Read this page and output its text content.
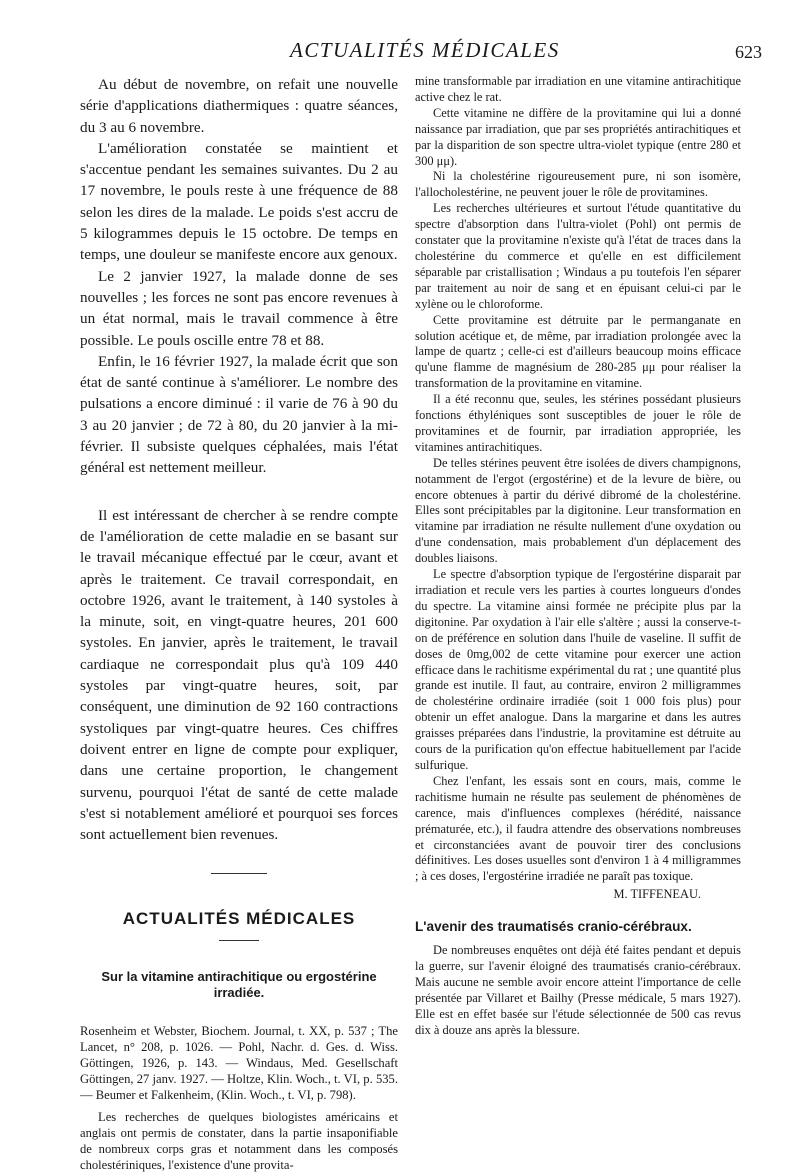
ACTUALITÉS MÉDICALES	623

Au début de novembre, on refait une nouvelle série d'applications diathermiques : quatre séances, du 3 au 6 novembre.

L'amélioration constatée se maintient et s'accentue pendant les semaines suivantes. Du 2 au 17 novembre, le pouls reste à une fréquence de 88 selon les dires de la malade. Le poids s'est accru de 5 kilogrammes depuis le 15 octobre. De temps en temps, une douleur se manifeste encore aux genoux.

Le 2 janvier 1927, la malade donne de ses nouvelles ; les forces ne sont pas encore revenues à un état normal, mais le travail commence à être possible. Le pouls oscille entre 78 et 88.

Enfin, le 16 février 1927, la malade écrit que son état de santé continue à s'améliorer. Le nombre des pulsations a encore diminué : il varie de 76 à 90 du 3 au 20 janvier ; de 72 à 80, du 20 janvier à la mi-février. Il subsiste quelques céphalées, mais l'état général est nettement meilleur.

Il est intéressant de chercher à se rendre compte de l'amélioration de cette maladie en se basant sur le travail mécanique effectué par le cœur, avant et après le traitement. Ce travail correspondait, en octobre 1926, avant le traitement, à 140 systoles à la minute, soit, en vingt-quatre heures, 201 600 systoles. En janvier, après le traitement, le travail cardiaque ne correspondait plus qu'à 109 440 systoles par vingt-quatre heures, soit, par conséquent, une diminution de 92 160 contractions systoliques par vingt-quatre heures. Ces chiffres doivent entrer en ligne de compte pour expliquer, dans une certaine proportion, le changement survenu, pourquoi l'état de santé de cette malade s'est si notablement amélioré et pourquoi ses forces sont actuellement bien revenues.

ACTUALITÉS MÉDICALES
Sur la vitamine antirachitique ou ergostérine irradiée.

Rosenheim et Webster, Biochem. Journal, t. XX, p. 537 ; The Lancet, n° 208, p. 1026. — Pohl, Nachr. d. Ges. d. Wiss. Göttingen, 1926, p. 143. — Windaus, Med. Gesellschaft Göttingen, 27 janv. 1927. — Holtze, Klin. Woch., t. VI, p. 535. — Beumer et Falkenheim, (Klin. Woch., t. VI, p. 798).

Les recherches de quelques biologistes américains et anglais ont permis de constater, dans la partie insaponifiable de nombreux corps gras et notamment dans les composés cholestériniques, l'existence d'une provita-

mine transformable par irradiation en une vitamine antirachitique active chez le rat.

Cette vitamine ne diffère de la provitamine qui lui a donné naissance par irradiation, que par ses propriétés antirachitiques et par la disparition de son spectre ultra-violet typique (entre 280 et 300 μμ).

Ni la cholestérine rigoureusement pure, ni son isomère, l'allocholestérine, ne peuvent jouer le rôle de provitamines.

Les recherches ultérieures et surtout l'étude quantitative du spectre d'absorption dans l'ultra-violet (Pohl) ont permis de constater que la provitamine n'existe qu'à l'état de traces dans la cholestérine du commerce et qu'elle en est difficilement séparable par cristallisation ; Windaus a pu toutefois l'en séparer par traitement au noir de sang et en épuisant celui-ci par le xylène ou le chloroforme.

Cette provitamine est détruite par le permanganate en solution acétique et, de même, par irradiation prolongée avec la lampe de quartz ; celle-ci est d'ailleurs beaucoup moins efficace qu'une flamme de magnésium de 280-285 μμ pour réaliser la transformation de la provitamine en vitamine.

Il a été reconnu que, seules, les stérines possédant plusieurs fonctions éthyléniques sont susceptibles de jouer le rôle de provitamines et de fournir, par irradiation appropriée, les vitamines antirachitiques.

De telles stérines peuvent être isolées de divers champignons, notamment de l'ergot (ergostérine) et de la levure de bière, ou encore obtenues à partir du dérivé dibromé de la cholestérine. Elles sont précipitables par la digitonine. Leur transformation en vitamine par irradiation ne résulte nullement d'une oxydation ou d'une condensation, mais probablement d'un déplacement des doubles liaisons.

Le spectre d'absorption typique de l'ergostérine disparait par irradiation et recule vers les parties à courtes longueurs d'ondes du spectre. La vitamine ainsi formée ne précipite plus par la digitonine. Par oxydation à l'air elle s'altère ; aussi la conserve-t-on de préférence en solution dans l'huile de vaseline. Il suffit de doses de 0mg,002 de cette vitamine pour exercer une action efficace dans le rachitisme expérimental du rat ; une quantité plus grande est inutile. Il faut, au contraire, environ 2 milligrammes de cholestérine ordinaire irradiée (soit 1 000 fois plus) pour obtenir un effet analogue. Dans la margarine et dans les autres graisses préparées dans l'industrie, la provitamine est détruite au cours de la purification qu'on effectue habituellement par l'acide sulfurique.

Chez l'enfant, les essais sont en cours, mais, comme le rachitisme humain ne résulte pas seulement de phénomènes de carence, mais d'influences complexes (hérédité, naissance prématurée, etc.), il faudra attendre des observations nombreuses et circonstanciées avant de pouvoir tirer des conclusions définitives. Les doses usuelles sont d'environ 1 à 4 milligrammes ; à ces doses, l'ergostérine irradiée ne paraît pas toxique.

M. TIFFENEAU.
L'avenir des traumatisés cranio-cérébraux.

De nombreuses enquêtes ont déjà été faites pendant et depuis la guerre, sur l'avenir éloigné des traumatisés cranio-cérébraux. Mais aucune ne semble avoir encore atteint l'importance de celle présentée par Villaret et Bailhy (Presse médicale, 5 mars 1927). Elle est en effet basée sur l'étude sélectionnée de 500 cas revus dix à douze ans après la blessure.
